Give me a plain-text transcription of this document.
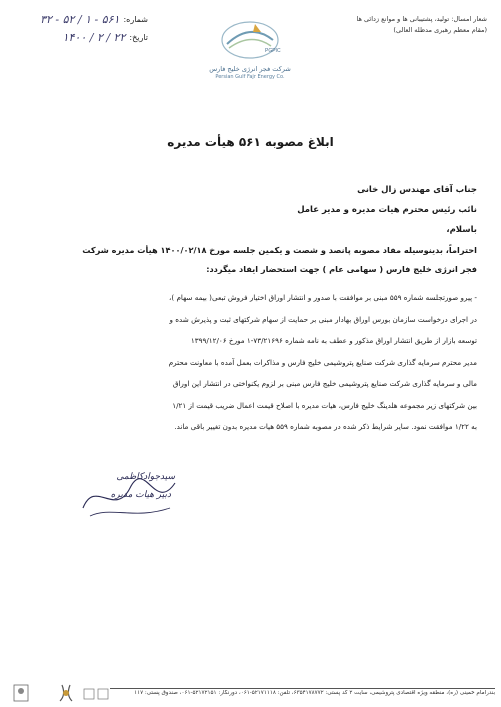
شعار امسال: تولید، پشتیبانی ها و موانع زدائی ها
(مقام معظم رهبری مدظله العالی)
PGPIC
شرکت فجر انرژی خلیج فارس
Persian Gulf Fajr Energy Co.
شماره:
۳۲ - ۵۲ / ۱ - ۵۶۱
تاریخ:
۱۴۰۰ / ۲ / ۲۲
ابلاغ مصوبه ۵۶۱ هیأت مدیره
جناب آقای مهندس زال خانی
نائب رئیس محترم هیات مدیره و مدیر عامل
باسلام،
احتراماً، بدینوسیله مفاد مصوبه پانصد و شصت و یکمین جلسه مورخ ۱۴۰۰/۰۲/۱۸ هیأت مدیره شرکت
فجر انرژی خلیج فارس ( سهامی عام ) جهت استحضار ایفاد میگردد:
- پیرو صورتجلسه شماره ۵۵۹ مبنی بر موافقت با صدور و انتشار اوراق اختیار فروش تبعی( بیمه سهام )،
در اجرای درخواست سازمان بورس اوراق بهادار مبنی بر حمایت از سهام شرکتهای ثبت و پذیرش شده و
توسعه بازار از طریق انتشار اوراق مذکور و عطف به نامه شماره ۷۳/۲۱۶۹۶-۱ مورخ ۱۳۹۹/۱۲/۰۶
مدیر محترم سرمایه گذاری شرکت صنایع پتروشیمی خلیج فارس و مذاکرات بعمل آمده با معاونت محترم
مالی و سرمایه گذاری شرکت صنایع پتروشیمی خلیج فارس مبنی بر لزوم یکنواختی در انتشار این اوراق
بین شرکتهای زیر مجموعه هلدینگ خلیج فارس، هیات مدیره با اصلاح قیمت اعمال ضریب قیمت از ۱/۲۱
به ۱/۲۲ موافقت نمود. سایر شرایط ذکر شده در مصوبه شماره ۵۵۹ هیات مدیره بدون تغییر باقی ماند.
سیدجوادکاظمی
دبیر هیات مدیره
بندرامام خمینی (ره)، منطقه ویژه اقتصادی پتروشیمی، سایت ۲ کد پستی: ۶۳۵۴۱۷۸۷۷۲، تلفن: ۵۲۱۷۱۱۱۸-۰۶۱، دورنگار: ۵۲۱۷۲۱۵۱-۰۶۱، صندوق پستی: ۱۱۷
